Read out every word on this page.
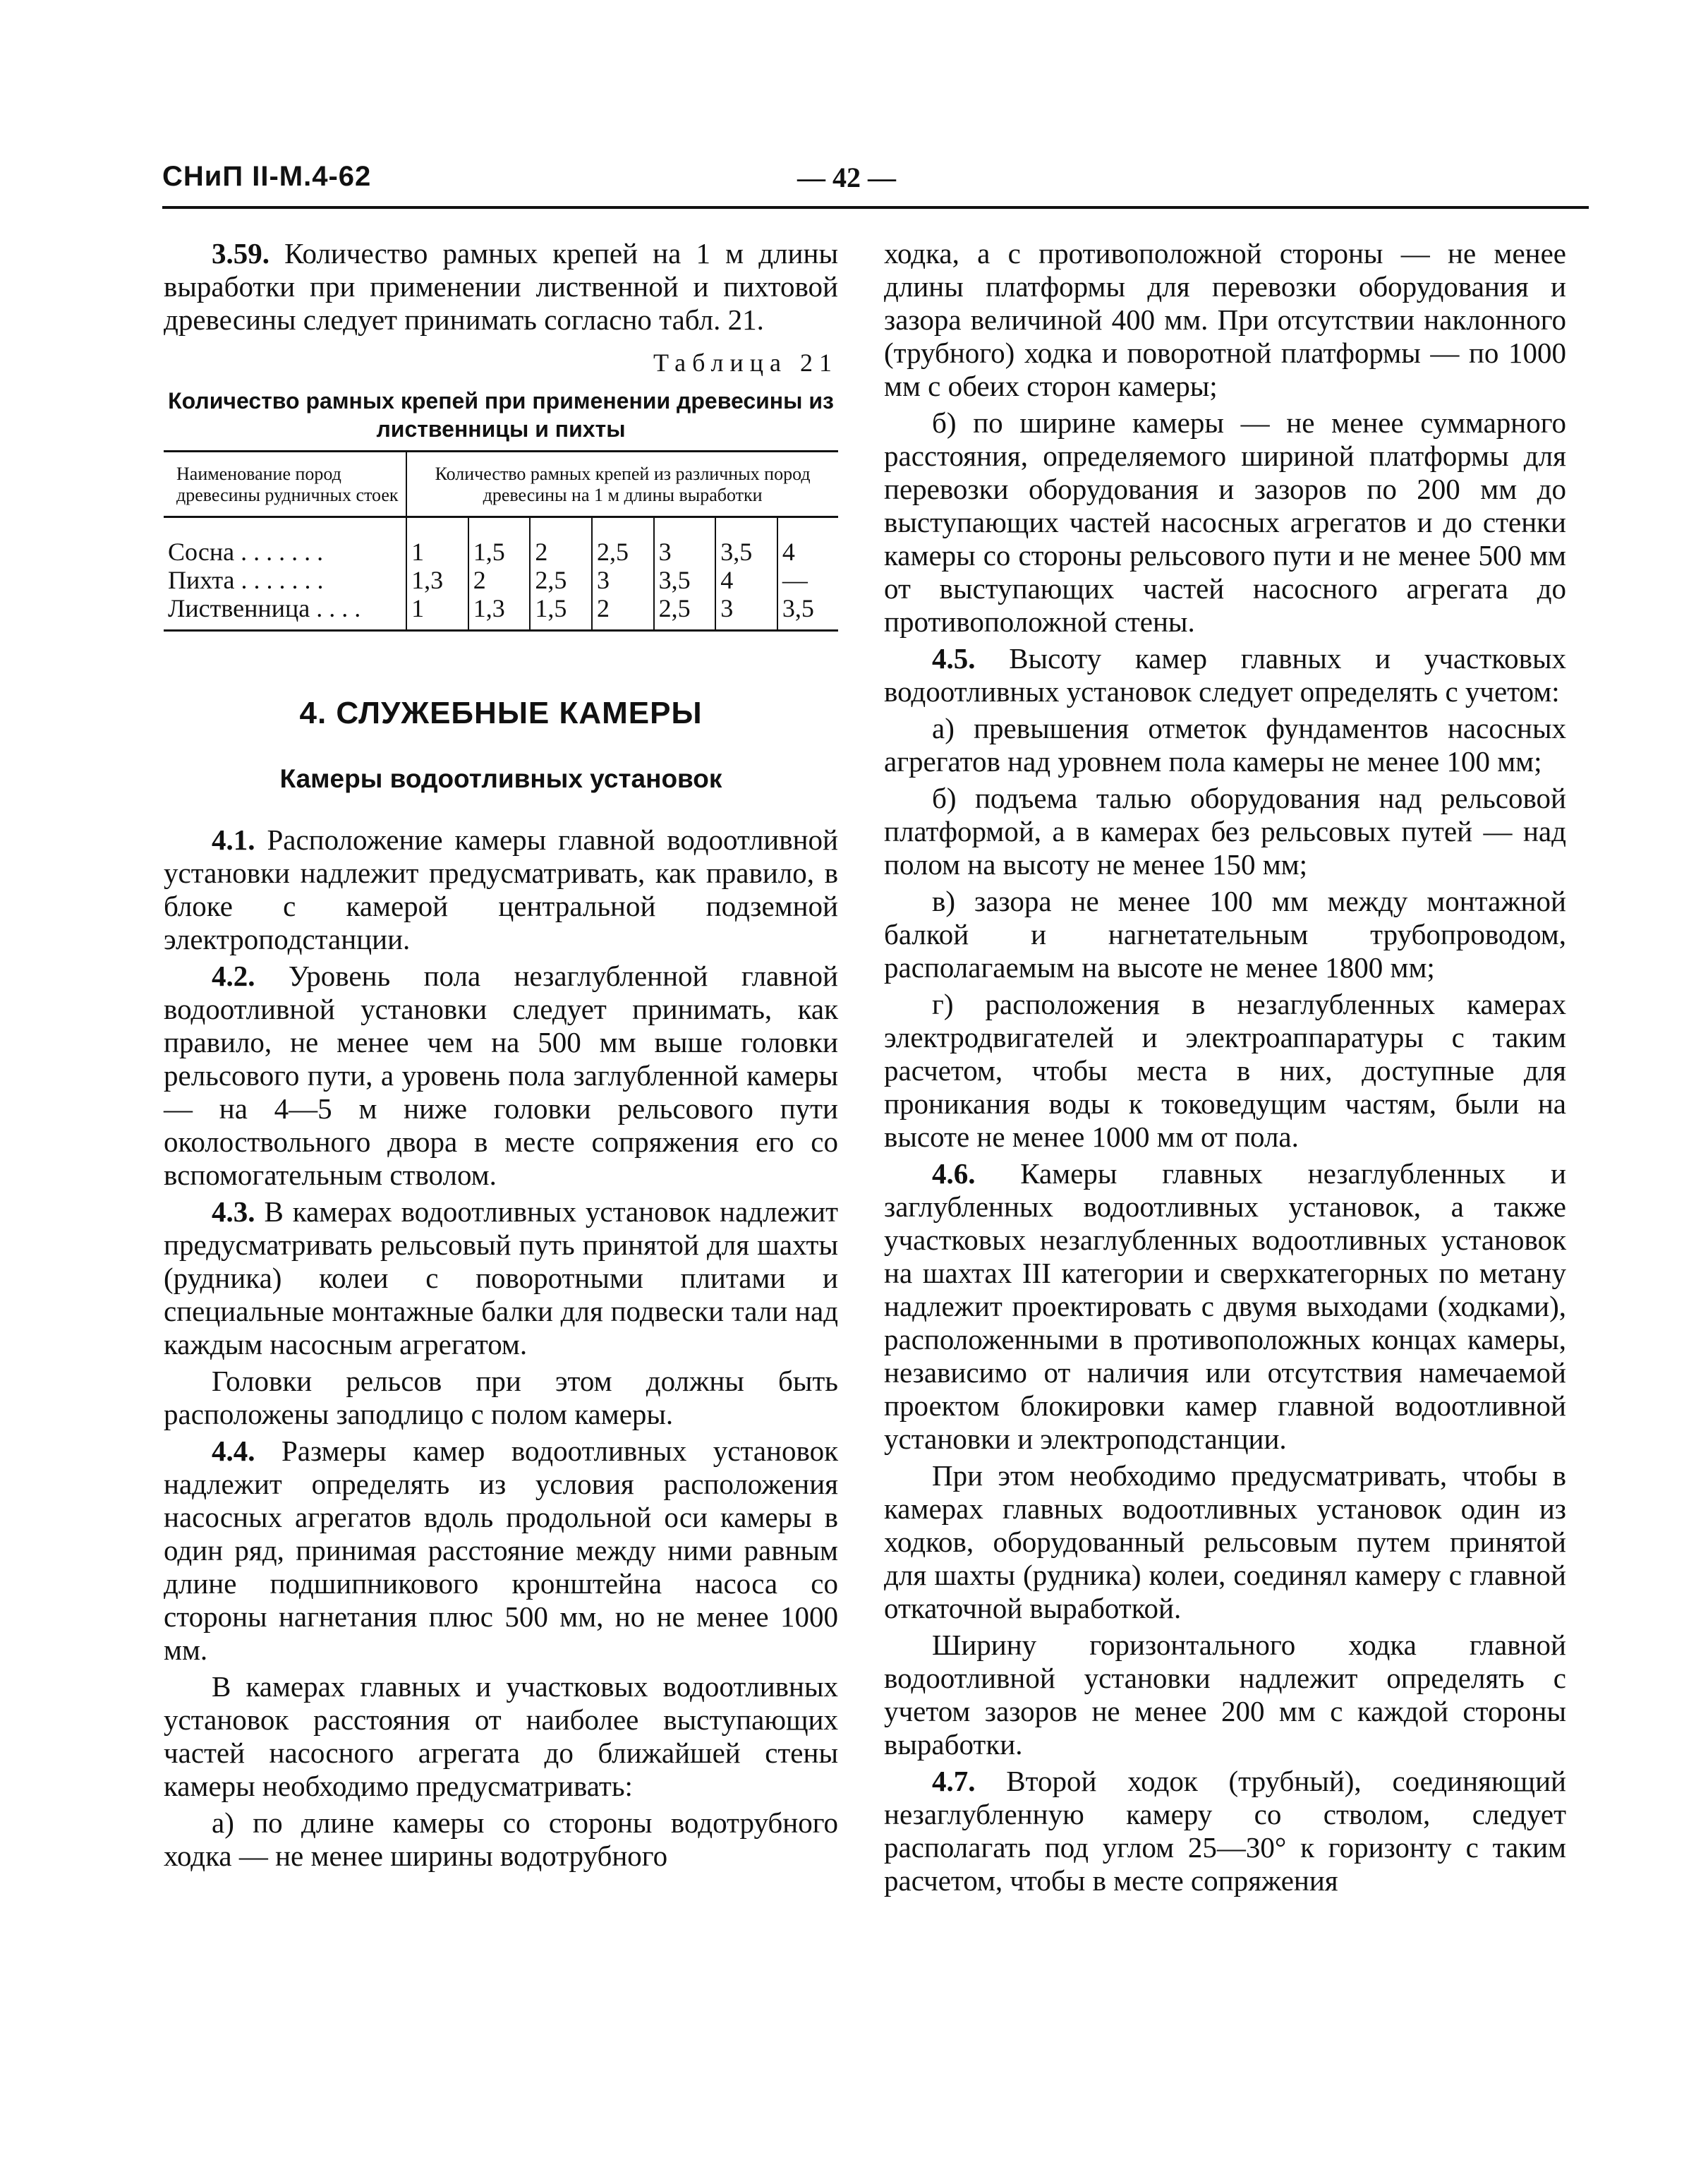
СНиП II-М.4-62	— 42 —

3.59. Количество рамных крепей на 1 м длины выработки при применении лиственной и пихтовой древесины следует принимать согласно табл. 21.

Таблица 21
Количество рамных крепей при применении древесины из лиственницы и пихты
Наименование пород древесины рудничных стоек	Количество рамных крепей из различных пород древесины на 1 м длины выработки						
Сосна . . . . . . .	1	1,5	2	2,5	3	3,5	4
Пихта . . . . . . .	1,3	2	2,5	3	3,5	4	—
Лиственница . . . .	1	1,3	1,5	2	2,5	3	3,5
4. СЛУЖЕБНЫЕ КАМЕРЫ
Камеры водоотливных установок

4.1. Расположение камеры главной водоотливной установки надлежит предусматривать, как правило, в блоке с камерой центральной подземной электроподстанции.

4.2. Уровень пола незаглубленной главной водоотливной установки следует принимать, как правило, не менее чем на 500 мм выше головки рельсового пути, а уровень пола заглубленной камеры — на 4—5 м ниже головки рельсового пути околоствольного двора в месте сопряжения его со вспомогательным стволом.

4.3. В камерах водоотливных установок надлежит предусматривать рельсовый путь принятой для шахты (рудника) колеи с поворотными плитами и специальные монтажные балки для подвески тали над каждым насосным агрегатом.

Головки рельсов при этом должны быть расположены заподлицо с полом камеры.

4.4. Размеры камер водоотливных установок надлежит определять из условия расположения насосных агрегатов вдоль продольной оси камеры в один ряд, принимая расстояние между ними равным длине подшипникового кронштейна насоса со стороны нагнетания плюс 500 мм, но не менее 1000 мм.

В камерах главных и участковых водоотливных установок расстояния от наиболее выступающих частей насосного агрегата до ближайшей стены камеры необходимо предусматривать:

а) по длине камеры со стороны водотрубного ходка — не менее ширины водотрубного

ходка, а с противоположной стороны — не менее длины платформы для перевозки оборудования и зазора величиной 400 мм. При отсутствии наклонного (трубного) ходка и поворотной платформы — по 1000 мм с обеих сторон камеры;

б) по ширине камеры — не менее суммарного расстояния, определяемого шириной платформы для перевозки оборудования и зазоров по 200 мм до выступающих частей насосных агрегатов и до стенки камеры со стороны рельсового пути и не менее 500 мм от выступающих частей насосного агрегата до противоположной стены.

4.5. Высоту камер главных и участковых водоотливных установок следует определять с учетом:

а) превышения отметок фундаментов насосных агрегатов над уровнем пола камеры не менее 100 мм;

б) подъема талью оборудования над рельсовой платформой, а в камерах без рельсовых путей — над полом на высоту не менее 150 мм;

в) зазора не менее 100 мм между монтажной балкой и нагнетательным трубопроводом, располагаемым на высоте не менее 1800 мм;

г) расположения в незаглубленных камерах электродвигателей и электроаппаратуры с таким расчетом, чтобы места в них, доступные для проникания воды к токоведущим частям, были на высоте не менее 1000 мм от пола.

4.6. Камеры главных незаглубленных и заглубленных водоотливных установок, а также участковых незаглубленных водоотливных установок на шахтах III категории и сверхкатегорных по метану надлежит проектировать с двумя выходами (ходками), расположенными в противоположных концах камеры, независимо от наличия или отсутствия намечаемой проектом блокировки камер главной водоотливной установки и электроподстанции.

При этом необходимо предусматривать, чтобы в камерах главных водоотливных установок один из ходков, оборудованный рельсовым путем принятой для шахты (рудника) колеи, соединял камеру с главной откаточной выработкой.

Ширину горизонтального ходка главной водоотливной установки надлежит определять с учетом зазоров не менее 200 мм с каждой стороны выработки.

4.7. Второй ходок (трубный), соединяющий незаглубленную камеру со стволом, следует располагать под углом 25—30° к горизонту с таким расчетом, чтобы в месте сопряжения
